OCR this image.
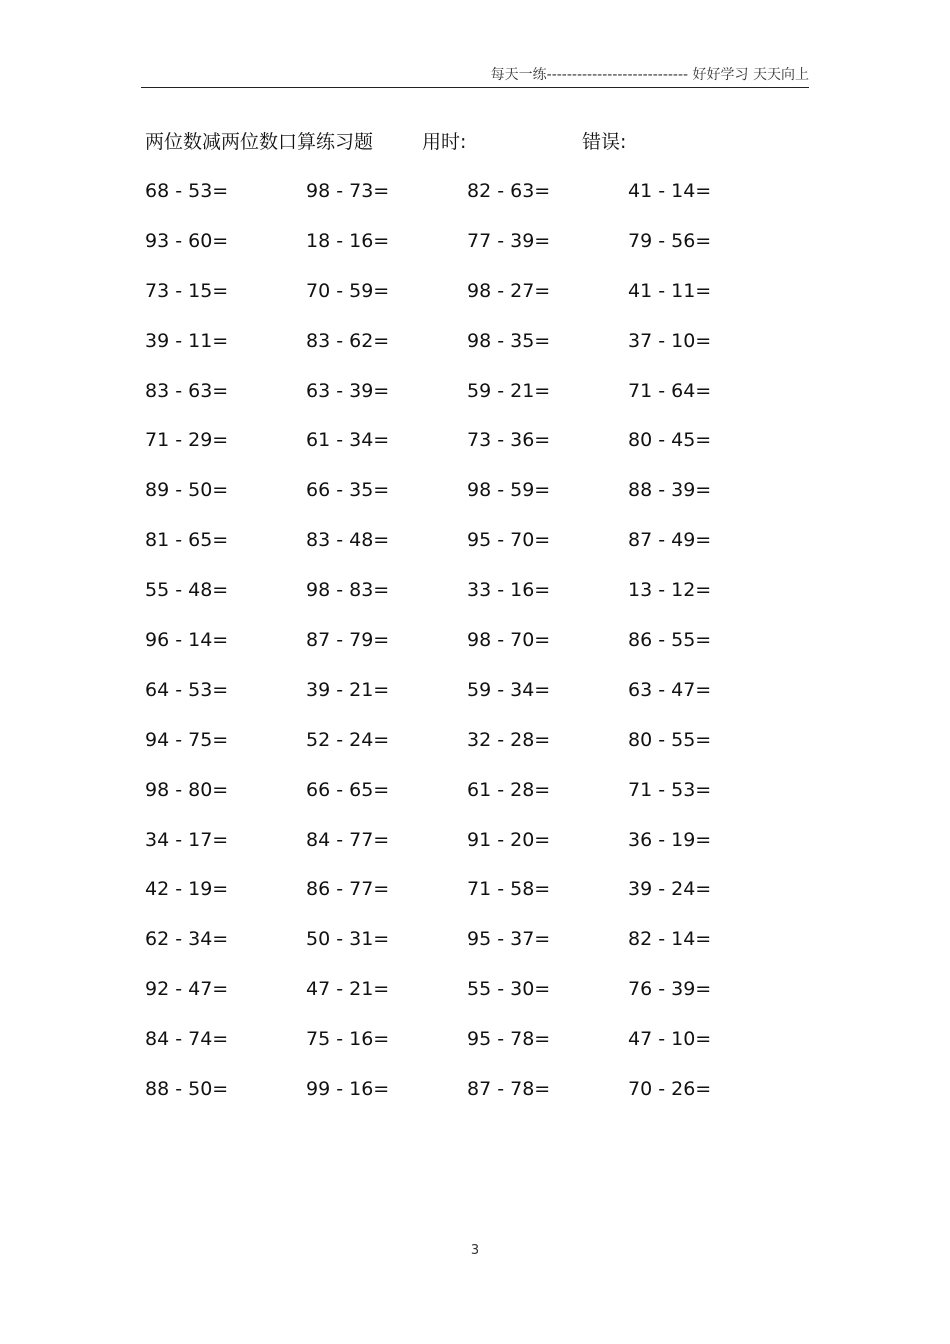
每天一练---------------------------- 好好学习 天天向上
两位数减两位数口算练习题	用时:	错误:
68 - 53=	98 - 73=	82 - 63=	41 - 14=
93 - 60=	18 - 16=	77 - 39=	79 - 56=
73 - 15=	70 - 59=	98 - 27=	41 - 11=
39 - 11=	83 - 62=	98 - 35=	37 - 10=
83 - 63=	63 - 39=	59 - 21=	71 - 64=
71 - 29=	61 - 34=	73 - 36=	80 - 45=
89 - 50=	66 - 35=	98 - 59=	88 - 39=
81 - 65=	83 - 48=	95 - 70=	87 - 49=
55 - 48=	98 - 83=	33 - 16=	13 - 12=
96 - 14=	87 - 79=	98 - 70=	86 - 55=
64 - 53=	39 - 21=	59 - 34=	63 - 47=
94 - 75=	52 - 24=	32 - 28=	80 - 55=
98 - 80=	66 - 65=	61 - 28=	71 - 53=
34 - 17=	84 - 77=	91 - 20=	36 - 19=
42 - 19=	86 - 77=	71 - 58=	39 - 24=
62 - 34=	50 - 31=	95 - 37=	82 - 14=
92 - 47=	47 - 21=	55 - 30=	76 - 39=
84 - 74=	75 - 16=	95 - 78=	47 - 10=
88 - 50=	99 - 16=	87 - 78=	70 - 26=
3
